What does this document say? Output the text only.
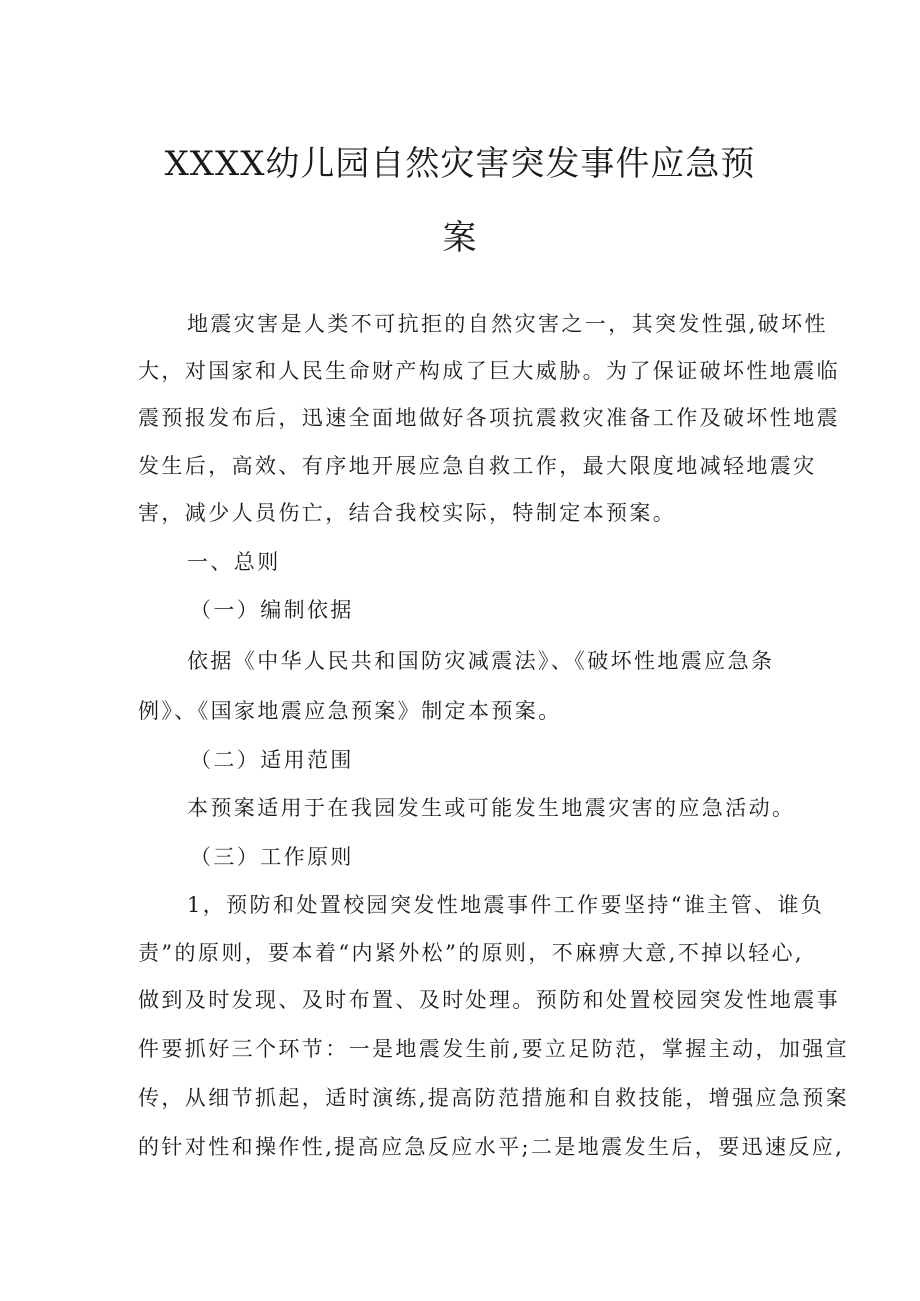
XXXX幼儿园自然灾害突发事件应急预
案
地震灾害是人类不可抗拒的自然灾害之一，其突发性强,破坏性
大，对国家和人民生命财产构成了巨大威胁。为了保证破坏性地震临
震预报发布后，迅速全面地做好各项抗震救灾准备工作及破坏性地震
发生后，高效、有序地开展应急自救工作，最大限度地减轻地震灾
害，减少人员伤亡，结合我校实际，特制定本预案。
一、总则
（一）编制依据
依据《中华人民共和国防灾减震法》、《破坏性地震应急条
例》、《国家地震应急预案》制定本预案。
（二）适用范围
本预案适用于在我园发生或可能发生地震灾害的应急活动。
（三）工作原则
1，预防和处置校园突发性地震事件工作要坚持“谁主管、谁负
责”的原则，要本着“内紧外松”的原则，不麻痹大意,不掉以轻心,
做到及时发现、及时布置、及时处理。预防和处置校园突发性地震事
件要抓好三个环节：一是地震发生前,要立足防范，掌握主动，加强宣
传，从细节抓起，适时演练,提高防范措施和自救技能，增强应急预案
的针对性和操作性,提高应急反应水平;二是地震发生后，要迅速反应,
